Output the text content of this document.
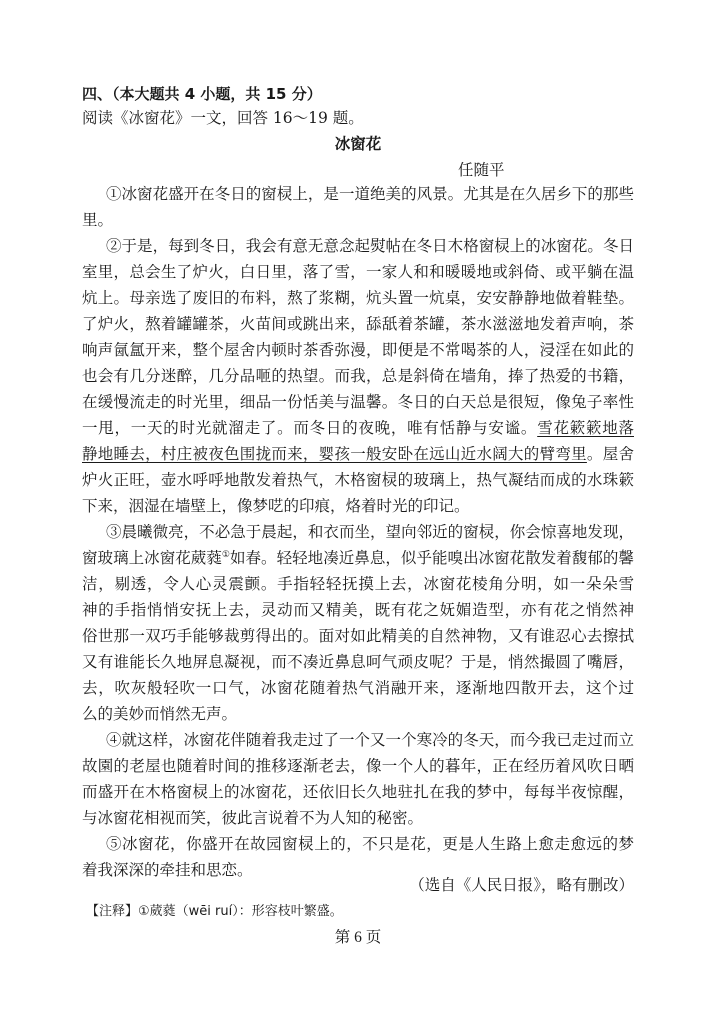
四、（本大题共 4 小题，共 15 分）
阅读《冰窗花》一文，回答 16～19 题。
冰窗花
任随平
①冰窗花盛开在冬日的窗棂上，是一道绝美的风景。尤其是在久居乡下的那些
里。
②于是，每到冬日，我会有意无意念起熨帖在冬日木格窗棂上的冰窗花。冬日
室里，总会生了炉火，白日里，落了雪，一家人和和暖暖地或斜倚、或平躺在温
炕上。母亲选了废旧的布料，熬了浆糊，炕头置一炕桌，安安静静地做着鞋垫。
了炉火，熬着罐罐茶，火苗间或跳出来，舔舐着茶罐，茶水滋滋地发着声响，茶
响声氤氲开来，整个屋舍内顿时茶香弥漫，即便是不常喝茶的人，浸淫在如此的
也会有几分迷醉，几分品咂的热望。而我，总是斜倚在墙角，捧了热爱的书籍，
在缓慢流走的时光里，细品一份恬美与温馨。冬日的白天总是很短，像兔子率性
一甩，一天的时光就溜走了。而冬日的夜晚，唯有恬静与安谧。雪花簌簌地落
静地睡去，村庄被夜色围拢而来，婴孩一般安卧在远山近水阔大的臂弯里。屋舍
炉火正旺，壶水呼呼地散发着热气，木格窗棂的玻璃上，热气凝结而成的水珠簌
下来，洇湿在墙壁上，像梦呓的印痕，烙着时光的印记。
③晨曦微亮，不必急于晨起，和衣而坐，望向邻近的窗棂，你会惊喜地发现，
窗玻璃上冰窗花葳蕤①如春。轻轻地凑近鼻息，似乎能嗅出冰窗花散发着馥郁的馨
洁，剔透，令人心灵震颤。手指轻轻抚摸上去，冰窗花棱角分明，如一朵朵雪
神的手指悄悄安抚上去，灵动而又精美，既有花之妩媚造型，亦有花之悄然神
俗世那一双巧手能够裁剪得出的。面对如此精美的自然神物，又有谁忍心去擦拭
又有谁能长久地屏息凝视，而不凑近鼻息呵气顽皮呢？于是，悄然撮圆了嘴唇，
去，吹灰般轻吹一口气，冰窗花随着热气消融开来，逐渐地四散开去，这个过
么的美妙而悄然无声。
④就这样，冰窗花伴随着我走过了一个又一个寒冷的冬天，而今我已走过而立
故園的老屋也随着时间的推移逐渐老去，像一个人的暮年，正在经历着风吹日晒
而盛开在木格窗棂上的冰窗花，还依旧长久地驻扎在我的梦中，每每半夜惊醒，
与冰窗花相视而笑，彼此言说着不为人知的秘密。
⑤冰窗花，你盛开在故园窗棂上的，不只是花，更是人生路上愈走愈远的梦
着我深深的牵挂和思恋。
（选自《人民日报》，略有删改）
【注释】①葳蕤（wēi ruí）：形容枝叶繁盛。
第 6 页
